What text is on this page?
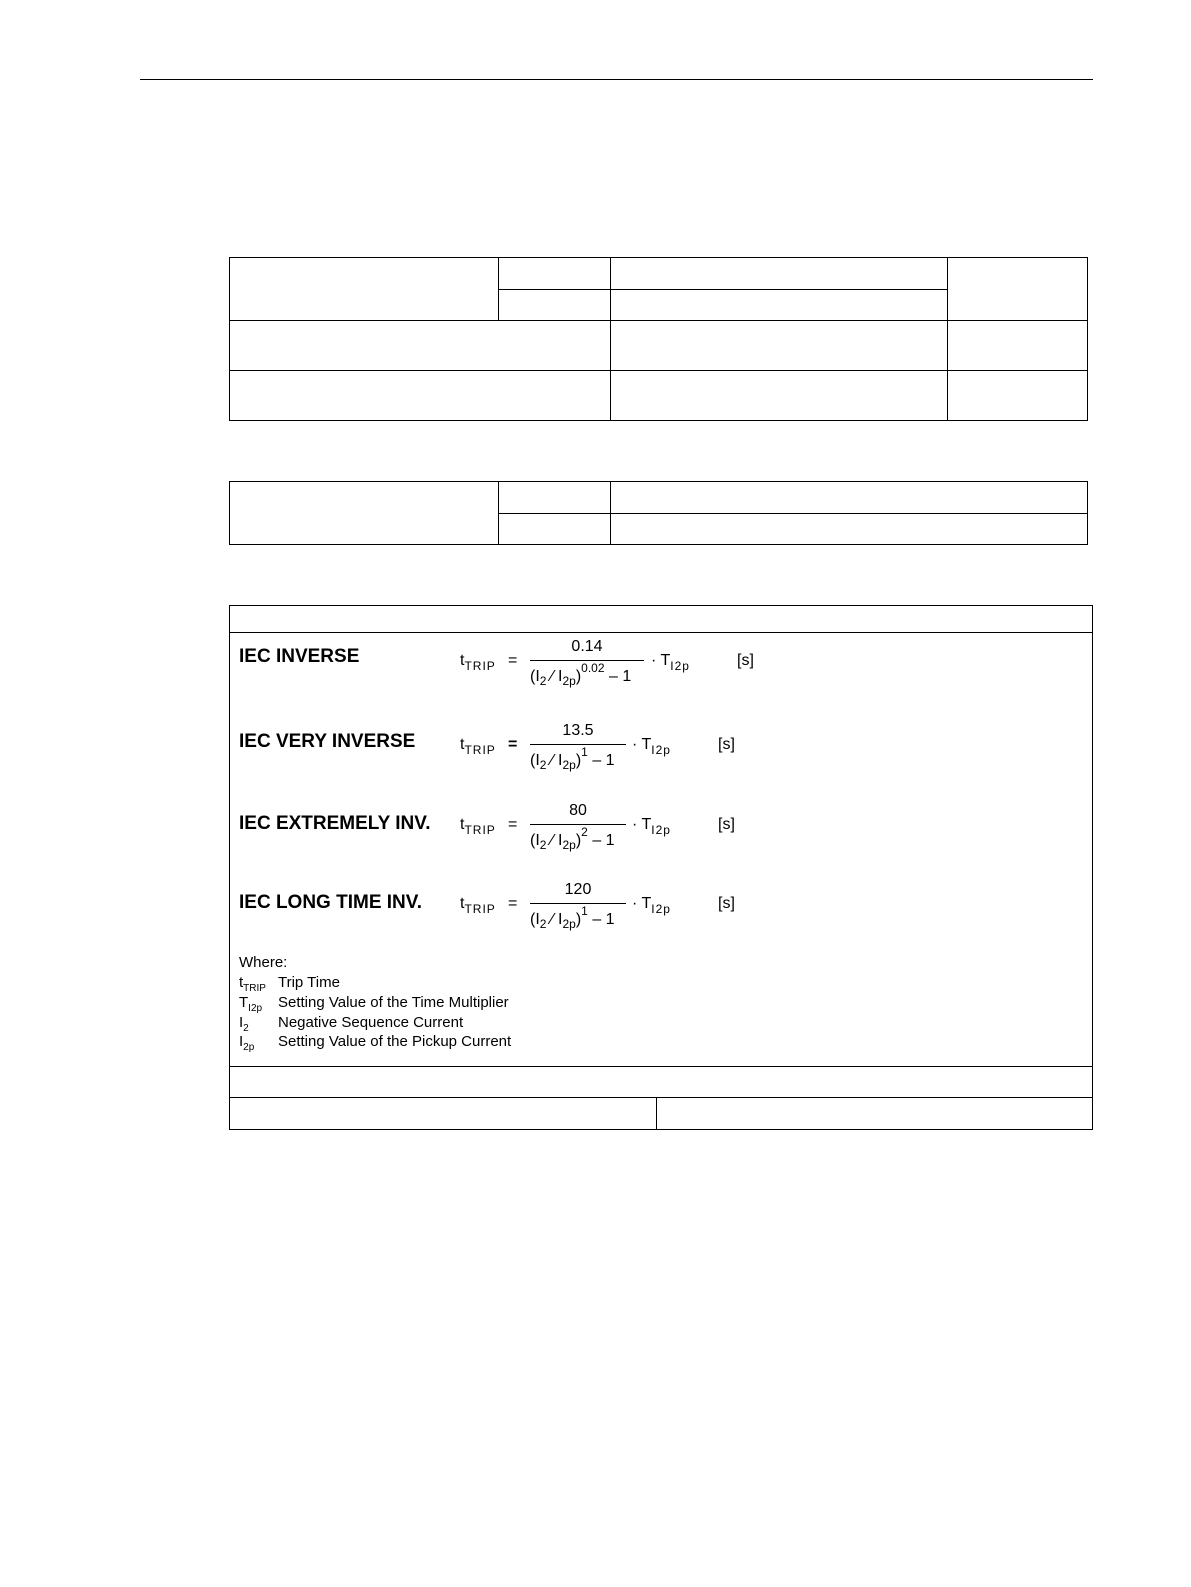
IEC INVERSE	$t_{TRIP}$ =
0.14
($I_2$ ⁄ $I_{2p})^{0.02} - 1$
· $T_{I2p}$	[s]
IEC VERY INVERSE	$t_{TRIP}$ =
13.5
($I_2$ ⁄ $I_{2p})^1 - 1$
· $T_{I2p}$	[s]
IEC EXTREMELY INV. $t_{TRIP}$ =
80
($I_2$ ⁄ $I_{2p})^2 - 1$
· $T_{I2p}$	[s]
IEC LONG TIME INV. $t_{TRIP}$ =
120
($I_2$ ⁄ $I_{2p})^1 - 1$
· $T_{I2p}$	[s]
Where:
$t_{TRIP}$ Trip Time
$T_{I2p}$ Setting Value of the Time Multiplier
$I_2$ Negative Sequence Current
$I_{2p}$ Setting Value of the Pickup Current
